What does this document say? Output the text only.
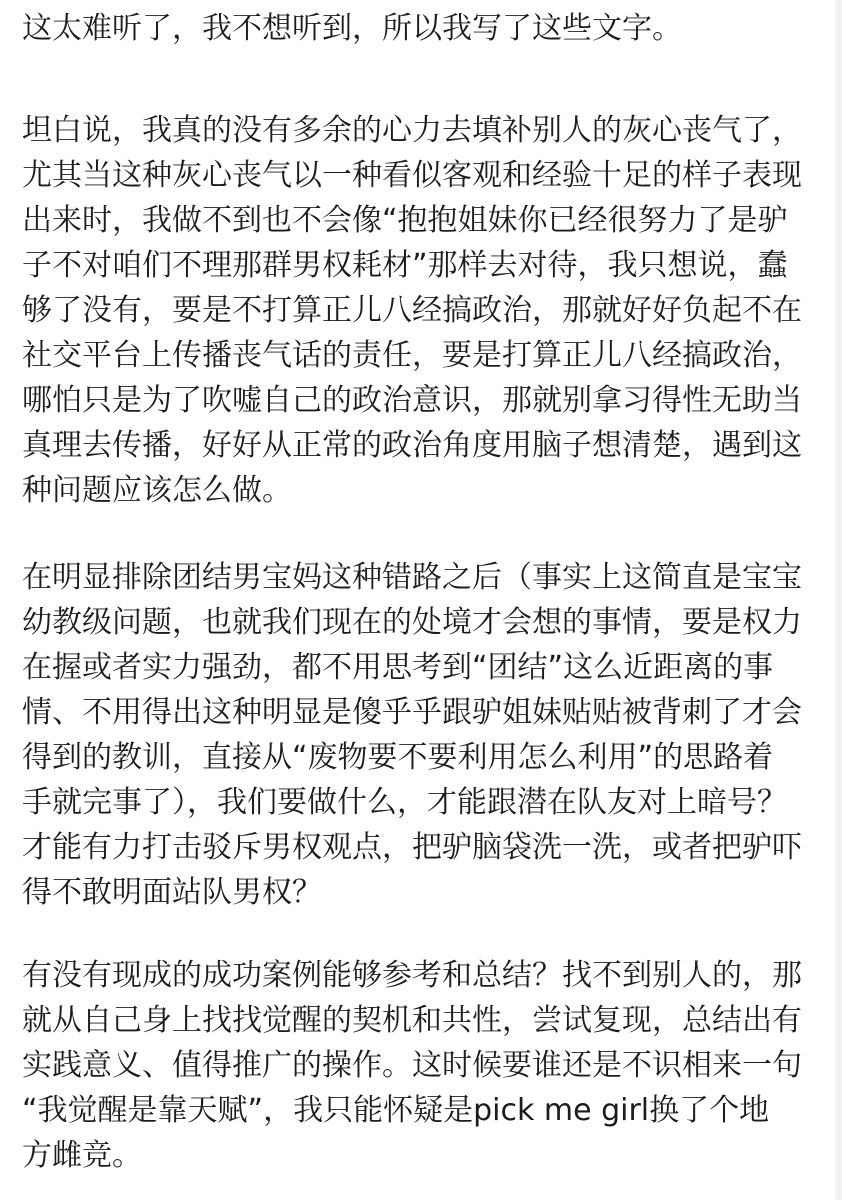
这太难听了，我不想听到，所以我写了这些文字。
坦白说，我真的没有多余的心力去填补别人的灰心丧气了，
尤其当这种灰心丧气以一种看似客观和经验十足的样子表现
出来时，我做不到也不会像“抱抱姐妹你已经很努力了是驴
子不对咱们不理那群男权耗材”那样去对待，我只想说，蠢
够了没有，要是不打算正儿八经搞政治，那就好好负起不在
社交平台上传播丧气话的责任，要是打算正儿八经搞政治，
哪怕只是为了吹嘘自己的政治意识，那就别拿习得性无助当
真理去传播，好好从正常的政治角度用脑子想清楚，遇到这
种问题应该怎么做。
在明显排除团结男宝妈这种错路之后（事实上这简直是宝宝
幼教级问题，也就我们现在的处境才会想的事情，要是权力
在握或者实力强劲，都不用思考到“团结”这么近距离的事
情、不用得出这种明显是傻乎乎跟驴姐妹贴贴被背刺了才会
得到的教训，直接从“废物要不要利用怎么利用”的思路着
手就完事了），我们要做什么，才能跟潜在队友对上暗号？
才能有力打击驳斥男权观点，把驴脑袋洗一洗，或者把驴吓
得不敢明面站队男权？
有没有现成的成功案例能够参考和总结？找不到别人的，那
就从自己身上找找觉醒的契机和共性，尝试复现，总结出有
实践意义、值得推广的操作。这时候要谁还是不识相来一句
“我觉醒是靠天赋”，我只能怀疑是pick me girl换了个地
方雌竞。
